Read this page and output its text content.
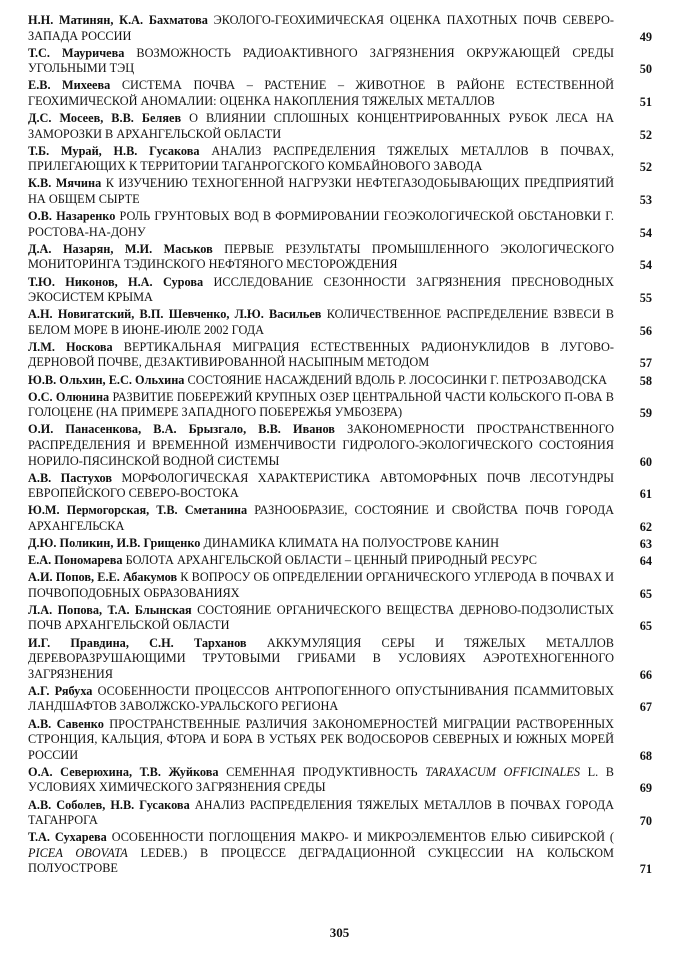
Н.Н. Матинян, К.А. Бахматова ЭКОЛОГО-ГЕОХИМИЧЕСКАЯ ОЦЕНКА ПАХОТНЫХ ПОЧВ СЕВЕРО-ЗАПАДА РОССИИ	49
Т.С. Мауричева ВОЗМОЖНОСТЬ РАДИОАКТИВНОГО ЗАГРЯЗНЕНИЯ ОКРУЖАЮЩЕЙ СРЕДЫ УГОЛЬНЫМИ ТЭЦ	50
Е.В. Михеева СИСТЕМА ПОЧВА – РАСТЕНИЕ – ЖИВОТНОЕ В РАЙОНЕ ЕСТЕСТВЕННОЙ ГЕОХИМИЧЕСКОЙ АНОМАЛИИ: ОЦЕНКА НАКОПЛЕНИЯ ТЯЖЕЛЫХ МЕТАЛЛОВ	51
Д.С. Мосеев, В.В. Беляев О ВЛИЯНИИ СПЛОШНЫХ КОНЦЕНТРИРОВАННЫХ РУБОК ЛЕСА НА ЗАМОРОЗКИ В АРХАНГЕЛЬСКОЙ ОБЛАСТИ	52
Т.Б. Мурай, Н.В. Гусакова АНАЛИЗ РАСПРЕДЕЛЕНИЯ ТЯЖЕЛЫХ МЕТАЛЛОВ В ПОЧВАХ, ПРИЛЕГАЮЩИХ К ТЕРРИТОРИИ ТАГАНРОГСКОГО КОМБАЙНОВОГО ЗАВОДА	52
К.В. Мячина К ИЗУЧЕНИЮ ТЕХНОГЕННОЙ НАГРУЗКИ НЕФТЕГАЗОДОБЫВАЮЩИХ ПРЕДПРИЯТИЙ НА ОБЩЕМ СЫРТЕ	53
О.В. Назаренко РОЛЬ ГРУНТОВЫХ ВОД В ФОРМИРОВАНИИ ГЕОЭКОЛОГИЧЕСКОЙ ОБСТАНОВКИ Г. РОСТОВА-НА-ДОНУ	54
Д.А. Назарян, М.И. Маськов ПЕРВЫЕ РЕЗУЛЬТАТЫ ПРОМЫШЛЕННОГО ЭКОЛОГИЧЕСКОГО МОНИТОРИНГА ТЭДИНСКОГО НЕФТЯНОГО МЕСТОРОЖДЕНИЯ	54
Т.Ю. Никонов, Н.А. Сурова ИССЛЕДОВАНИЕ СЕЗОННОСТИ ЗАГРЯЗНЕНИЯ ПРЕСНОВОДНЫХ ЭКОСИСТЕМ КРЫМА	55
А.Н. Новигатский, В.П. Шевченко, Л.Ю. Васильев КОЛИЧЕСТВЕННОЕ РАСПРЕДЕЛЕНИЕ ВЗВЕСИ В БЕЛОМ МОРЕ В ИЮНЕ-ИЮЛЕ 2002 ГОДА	56
Л.М. Носкова ВЕРТИКАЛЬНАЯ МИГРАЦИЯ ЕСТЕСТВЕННЫХ РАДИОНУКЛИДОВ В ЛУГОВО-ДЕРНОВОЙ ПОЧВЕ, ДЕЗАКТИВИРОВАННОЙ НАСЫПНЫМ МЕТОДОМ	57
Ю.В. Ольхин, Е.С. Ольхина СОСТОЯНИЕ НАСАЖДЕНИЙ ВДОЛЬ Р. ЛОСОСИНКИ Г. ПЕТРОЗАВОДСКА	58
О.С. Олюнина РАЗВИТИЕ ПОБЕРЕЖИЙ КРУПНЫХ ОЗЕР ЦЕНТРАЛЬНОЙ ЧАСТИ КОЛЬСКОГО П-ОВА В ГОЛОЦЕНЕ (НА ПРИМЕРЕ ЗАПАДНОГО ПОБЕРЕЖЬЯ УМБОЗЕРА)	59
О.И. Панасенкова, В.А. Брызгало, В.В. Иванов ЗАКОНОМЕРНОСТИ ПРОСТРАНСТВЕННОГО РАСПРЕДЕЛЕНИЯ И ВРЕМЕННОЙ ИЗМЕНЧИВОСТИ ГИДРОЛОГО-ЭКОЛОГИЧЕСКОГО СОСТОЯНИЯ НОРИЛО-ПЯСИНСКОЙ ВОДНОЙ СИСТЕМЫ	60
А.В. Пастухов МОРФОЛОГИЧЕСКАЯ ХАРАКТЕРИСТИКА АВТОМОРФНЫХ ПОЧВ ЛЕСОТУНДРЫ ЕВРОПЕЙСКОГО СЕВЕРО-ВОСТОКА	61
Ю.М. Пермогорская, Т.В. Сметанина РАЗНООБРАЗИЕ, СОСТОЯНИЕ И СВОЙСТВА ПОЧВ ГОРОДА АРХАНГЕЛЬСКА	62
Д.Ю. Поликин, И.В. Грищенко ДИНАМИКА КЛИМАТА НА ПОЛУОСТРОВЕ КАНИН	63
Е.А. Пономарева БОЛОТА АРХАНГЕЛЬСКОЙ ОБЛАСТИ – ЦЕННЫЙ ПРИРОДНЫЙ РЕСУРС	64
А.И. Попов, Е.Е. Абакумов К ВОПРОСУ ОБ ОПРЕДЕЛЕНИИ ОРГАНИЧЕСКОГО УГЛЕРОДА В ПОЧВАХ И ПОЧВОПОДОБНЫХ ОБРАЗОВАНИЯХ	65
Л.А. Попова, Т.А. Блынская СОСТОЯНИЕ ОРГАНИЧЕСКОГО ВЕЩЕСТВА ДЕРНОВО-ПОДЗОЛИСТЫХ ПОЧВ АРХАНГЕЛЬСКОЙ ОБЛАСТИ	65
И.Г. Правдина, С.Н. Тарханов АККУМУЛЯЦИЯ СЕРЫ И ТЯЖЕЛЫХ МЕТАЛЛОВ ДЕРЕВОРАЗРУШАЮЩИМИ ТРУТОВЫМИ ГРИБАМИ В УСЛОВИЯХ АЭРОТЕХНОГЕННОГО ЗАГРЯЗНЕНИЯ	66
А.Г. Рябуха ОСОБЕННОСТИ ПРОЦЕССОВ АНТРОПОГЕННОГО ОПУСТЫНИВАНИЯ ПСАММИТОВЫХ ЛАНДШАФТОВ ЗАВОЛЖСКО-УРАЛЬСКОГО РЕГИОНА	67
А.В. Савенко ПРОСТРАНСТВЕННЫЕ РАЗЛИЧИЯ ЗАКОНОМЕРНОСТЕЙ МИГРАЦИИ РАСТВОРЕННЫХ СТРОНЦИЯ, КАЛЬЦИЯ, ФТОРА И БОРА В УСТЬЯХ РЕК ВОДОСБОРОВ СЕВЕРНЫХ И ЮЖНЫХ МОРЕЙ РОССИИ	68
О.А. Северюхина, Т.В. Жуйкова СЕМЕННАЯ ПРОДУКТИВНОСТЬ TARAXACUM OFFICINALES L. В УСЛОВИЯХ ХИМИЧЕСКОГО ЗАГРЯЗНЕНИЯ СРЕДЫ	69
А.В. Соболев, Н.В. Гусакова АНАЛИЗ РАСПРЕДЕЛЕНИЯ ТЯЖЕЛЫХ МЕТАЛЛОВ В ПОЧВАХ ГОРОДА ТАГАНРОГА	70
Т.А. Сухарева ОСОБЕННОСТИ ПОГЛОЩЕНИЯ МАКРО- И МИКРОЭЛЕМЕНТОВ ЕЛЬЮ СИБИРСКОЙ ( PICEA OBOVATA LEDEB.) В ПРОЦЕССЕ ДЕГРАДАЦИОННОЙ СУКЦЕССИИ НА КОЛЬСКОМ ПОЛУОСТРОВЕ	71
305
